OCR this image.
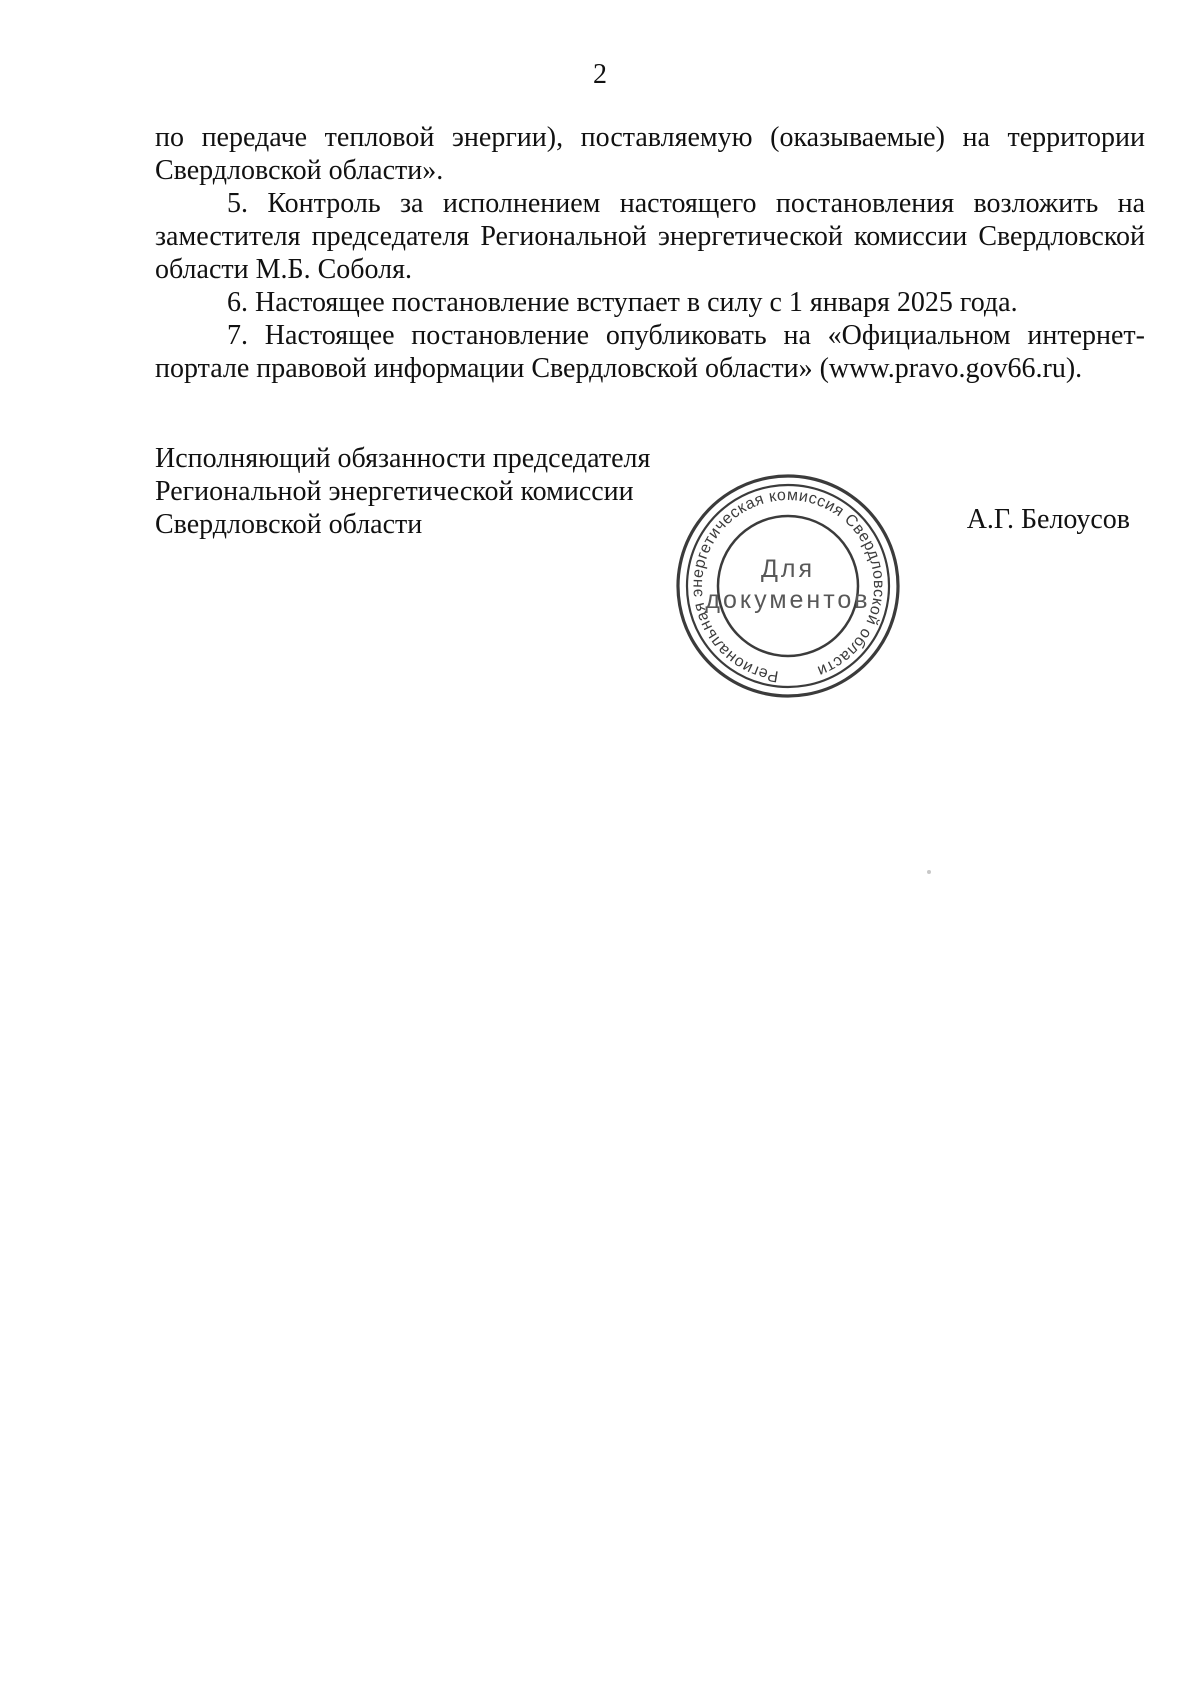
2

по передаче тепловой энергии), поставляемую (оказываемые) на территории Свердловской области».

5. Контроль за исполнением настоящего постановления возложить на заместителя председателя Региональной энергетической комиссии Свердловской области М.Б. Соболя.

6. Настоящее постановление вступает в силу с 1 января 2025 года.

7. Настоящее постановление опубликовать на «Официальном интернет-портале правовой информации Свердловской области» (www.pravo.gov66.ru).

Исполняющий обязанности председателя
Региональной энергетической комиссии
Свердловской области	А.Г. Белоусов
Региональная энергетическая комиссия Свердловской области
Для
документов
